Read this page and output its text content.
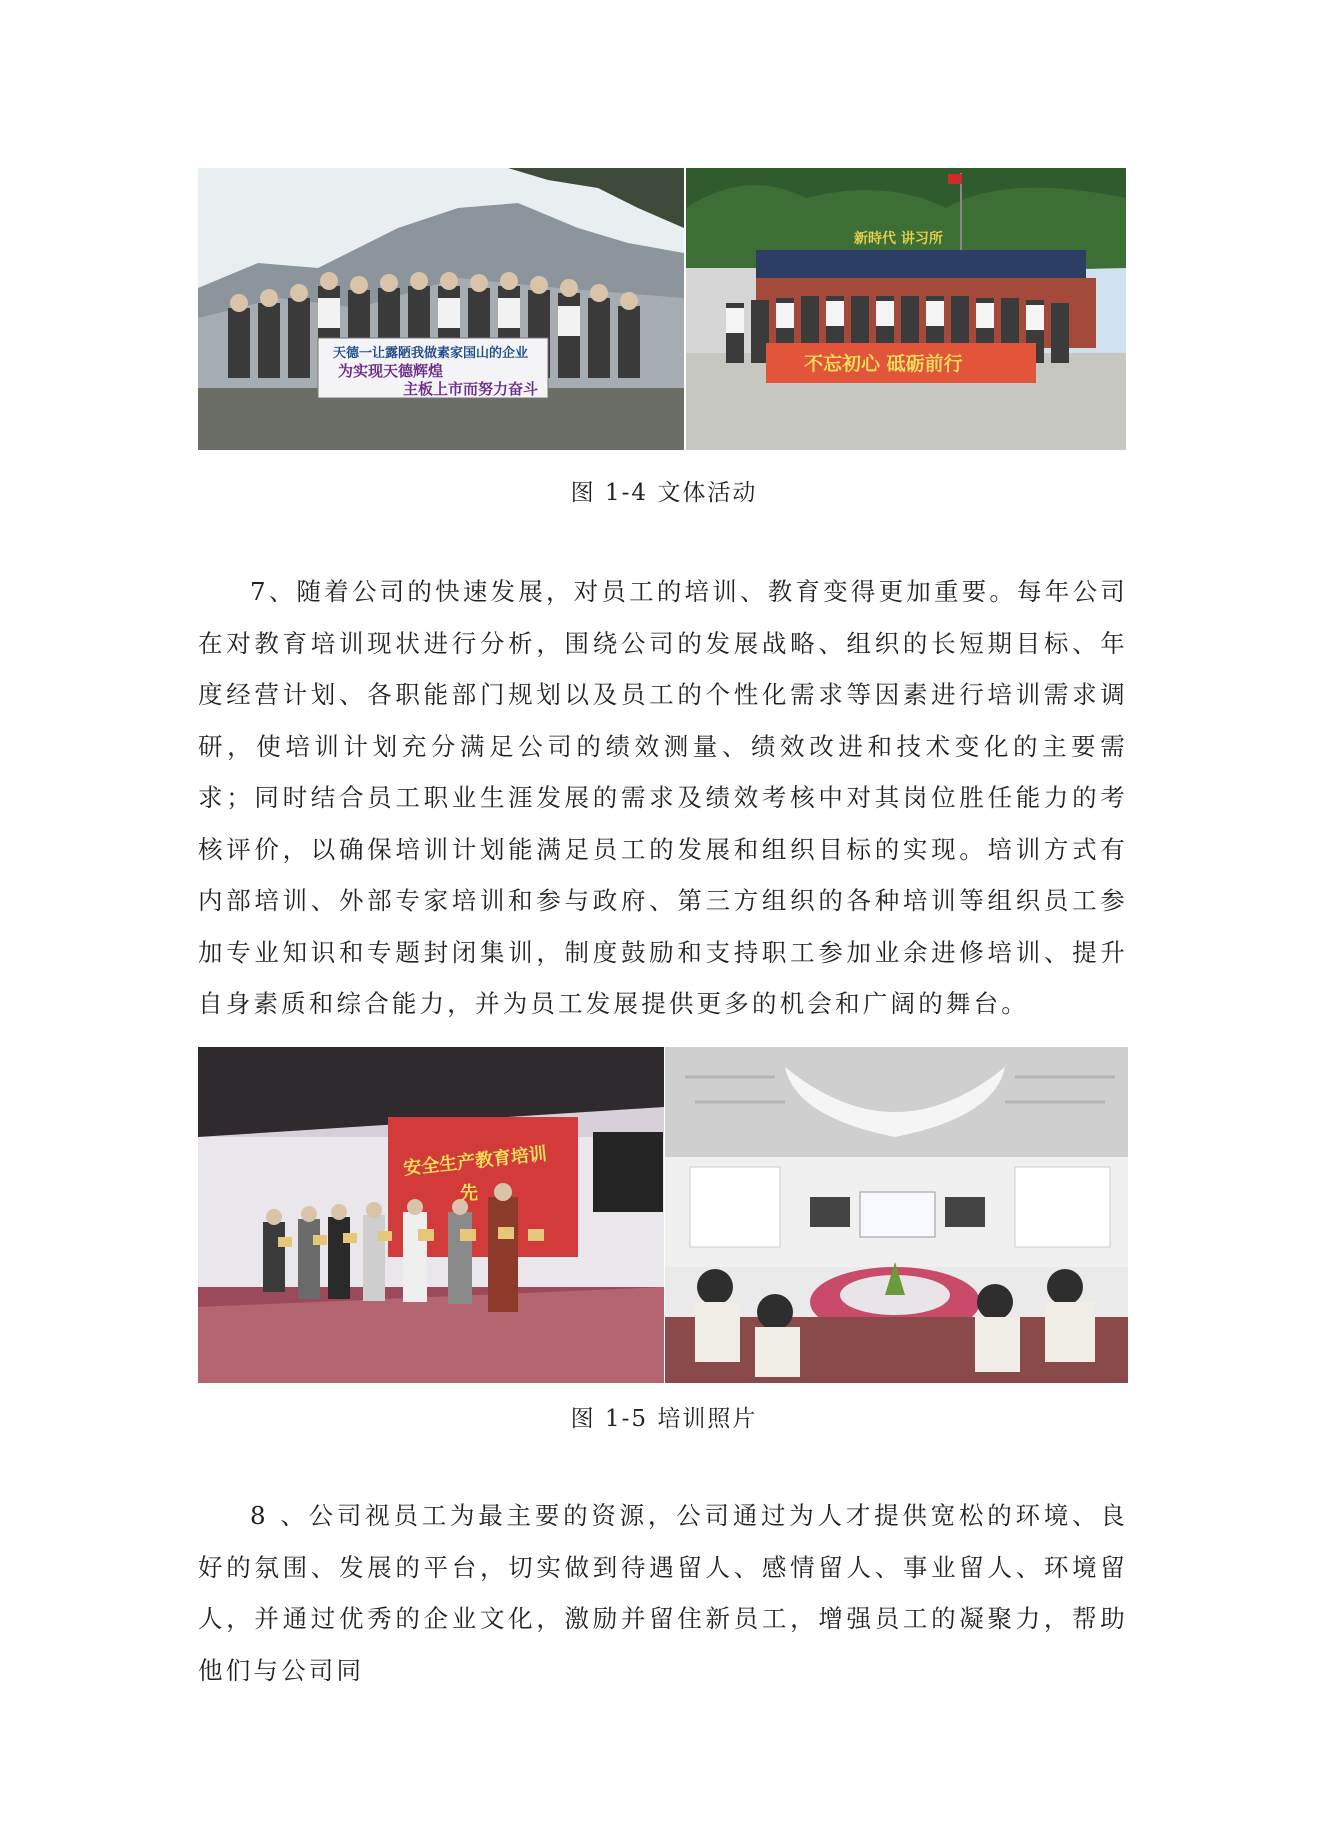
天德一让露陋我做素家国山的企业
为实现天德辉煌
主板上市而努力奋斗
新時代 讲习所
不忘初心 砥砺前行
图 1-4 文体活动

7、随着公司的快速发展，对员工的培训、教育变得更加重要。每年公司在对教育培训现状进行分析，围绕公司的发展战略、组织的长短期目标、年度经营计划、各职能部门规划以及员工的个性化需求等因素进行培训需求调研，使培训计划充分满足公司的绩效测量、绩效改进和技术变化的主要需求；同时结合员工职业生涯发展的需求及绩效考核中对其岗位胜任能力的考核评价，以确保培训计划能满足员工的发展和组织目标的实现。培训方式有内部培训、外部专家培训和参与政府、第三方组织的各种培训等组织员工参加专业知识和专题封闭集训，制度鼓励和支持职工参加业余进修培训、提升自身素质和综合能力，并为员工发展提供更多的机会和广阔的舞台。

安全生产教育培训
先
图 1-5 培训照片

8 、公司视员工为最主要的资源，公司通过为人才提供宽松的环境、良好的氛围、发展的平台，切实做到待遇留人、感情留人、事业留人、环境留人，并通过优秀的企业文化，激励并留住新员工，增强员工的凝聚力，帮助他们与公司同
